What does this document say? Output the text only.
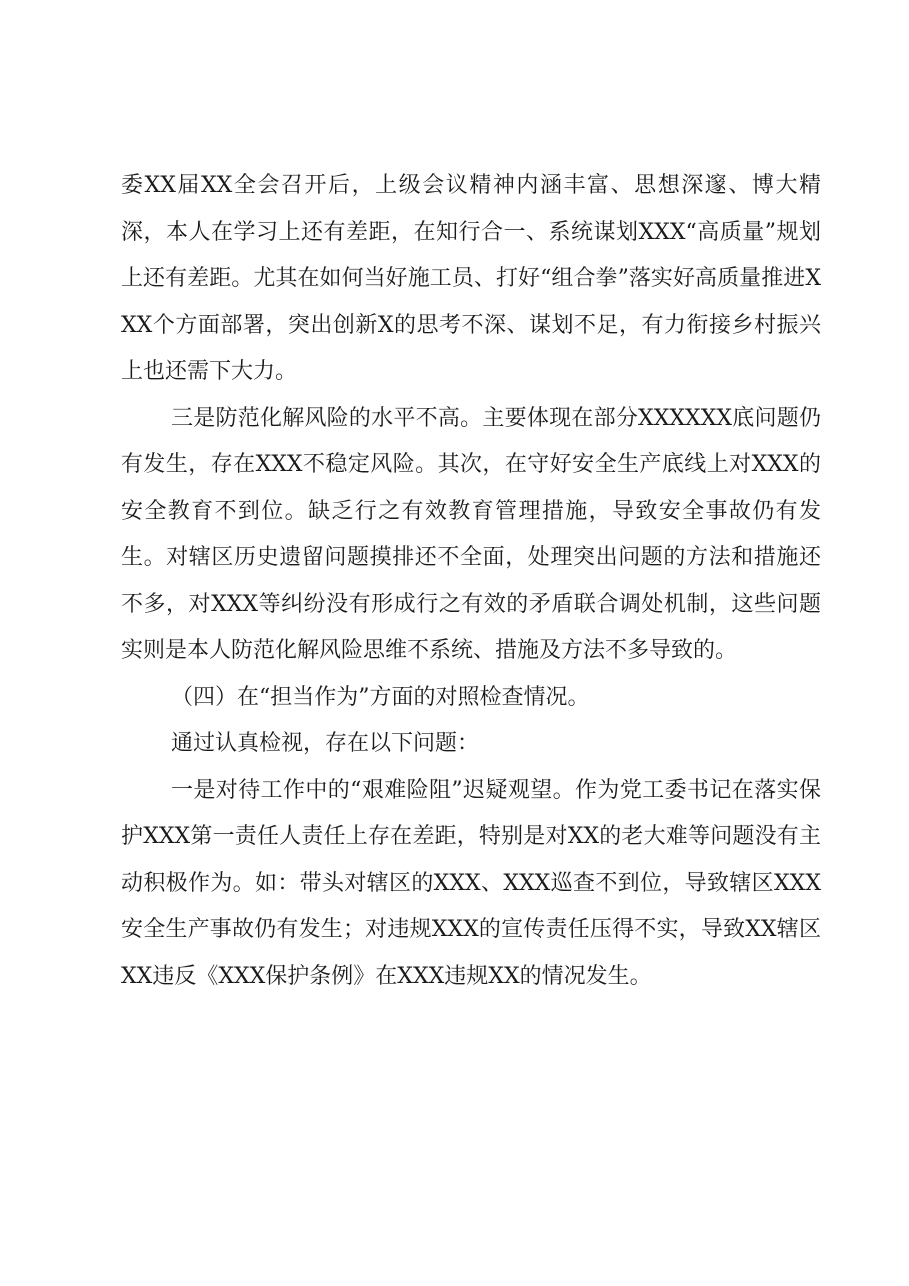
委XX届XX全会召开后，上级会议精神内涵丰富、思想深邃、博大精深，本人在学习上还有差距，在知行合一、系统谋划XXX“高质量”规划上还有差距。尤其在如何当好施工员、打好“组合拳”落实好高质量推进XXX个方面部署，突出创新X的思考不深、谋划不足，有力衔接乡村振兴上也还需下大力。

三是防范化解风险的水平不高。主要体现在部分XXXXXX底问题仍有发生，存在XXX不稳定风险。其次，在守好安全生产底线上对XXX的安全教育不到位。缺乏行之有效教育管理措施，导致安全事故仍有发生。对辖区历史遗留问题摸排还不全面，处理突出问题的方法和措施还不多，对XXX等纠纷没有形成行之有效的矛盾联合调处机制，这些问题实则是本人防范化解风险思维不系统、措施及方法不多导致的。

（四）在“担当作为”方面的对照检查情况。

通过认真检视，存在以下问题：

一是对待工作中的“艰难险阻”迟疑观望。作为党工委书记在落实保护XXX第一责任人责任上存在差距，特别是对XX的老大难等问题没有主动积极作为。如：带头对辖区的XXX、XXX巡查不到位，导致辖区XXX安全生产事故仍有发生；对违规XXX的宣传责任压得不实，导致XX辖区XX违反《XXX保护条例》在XXX违规XX的情况发生。
